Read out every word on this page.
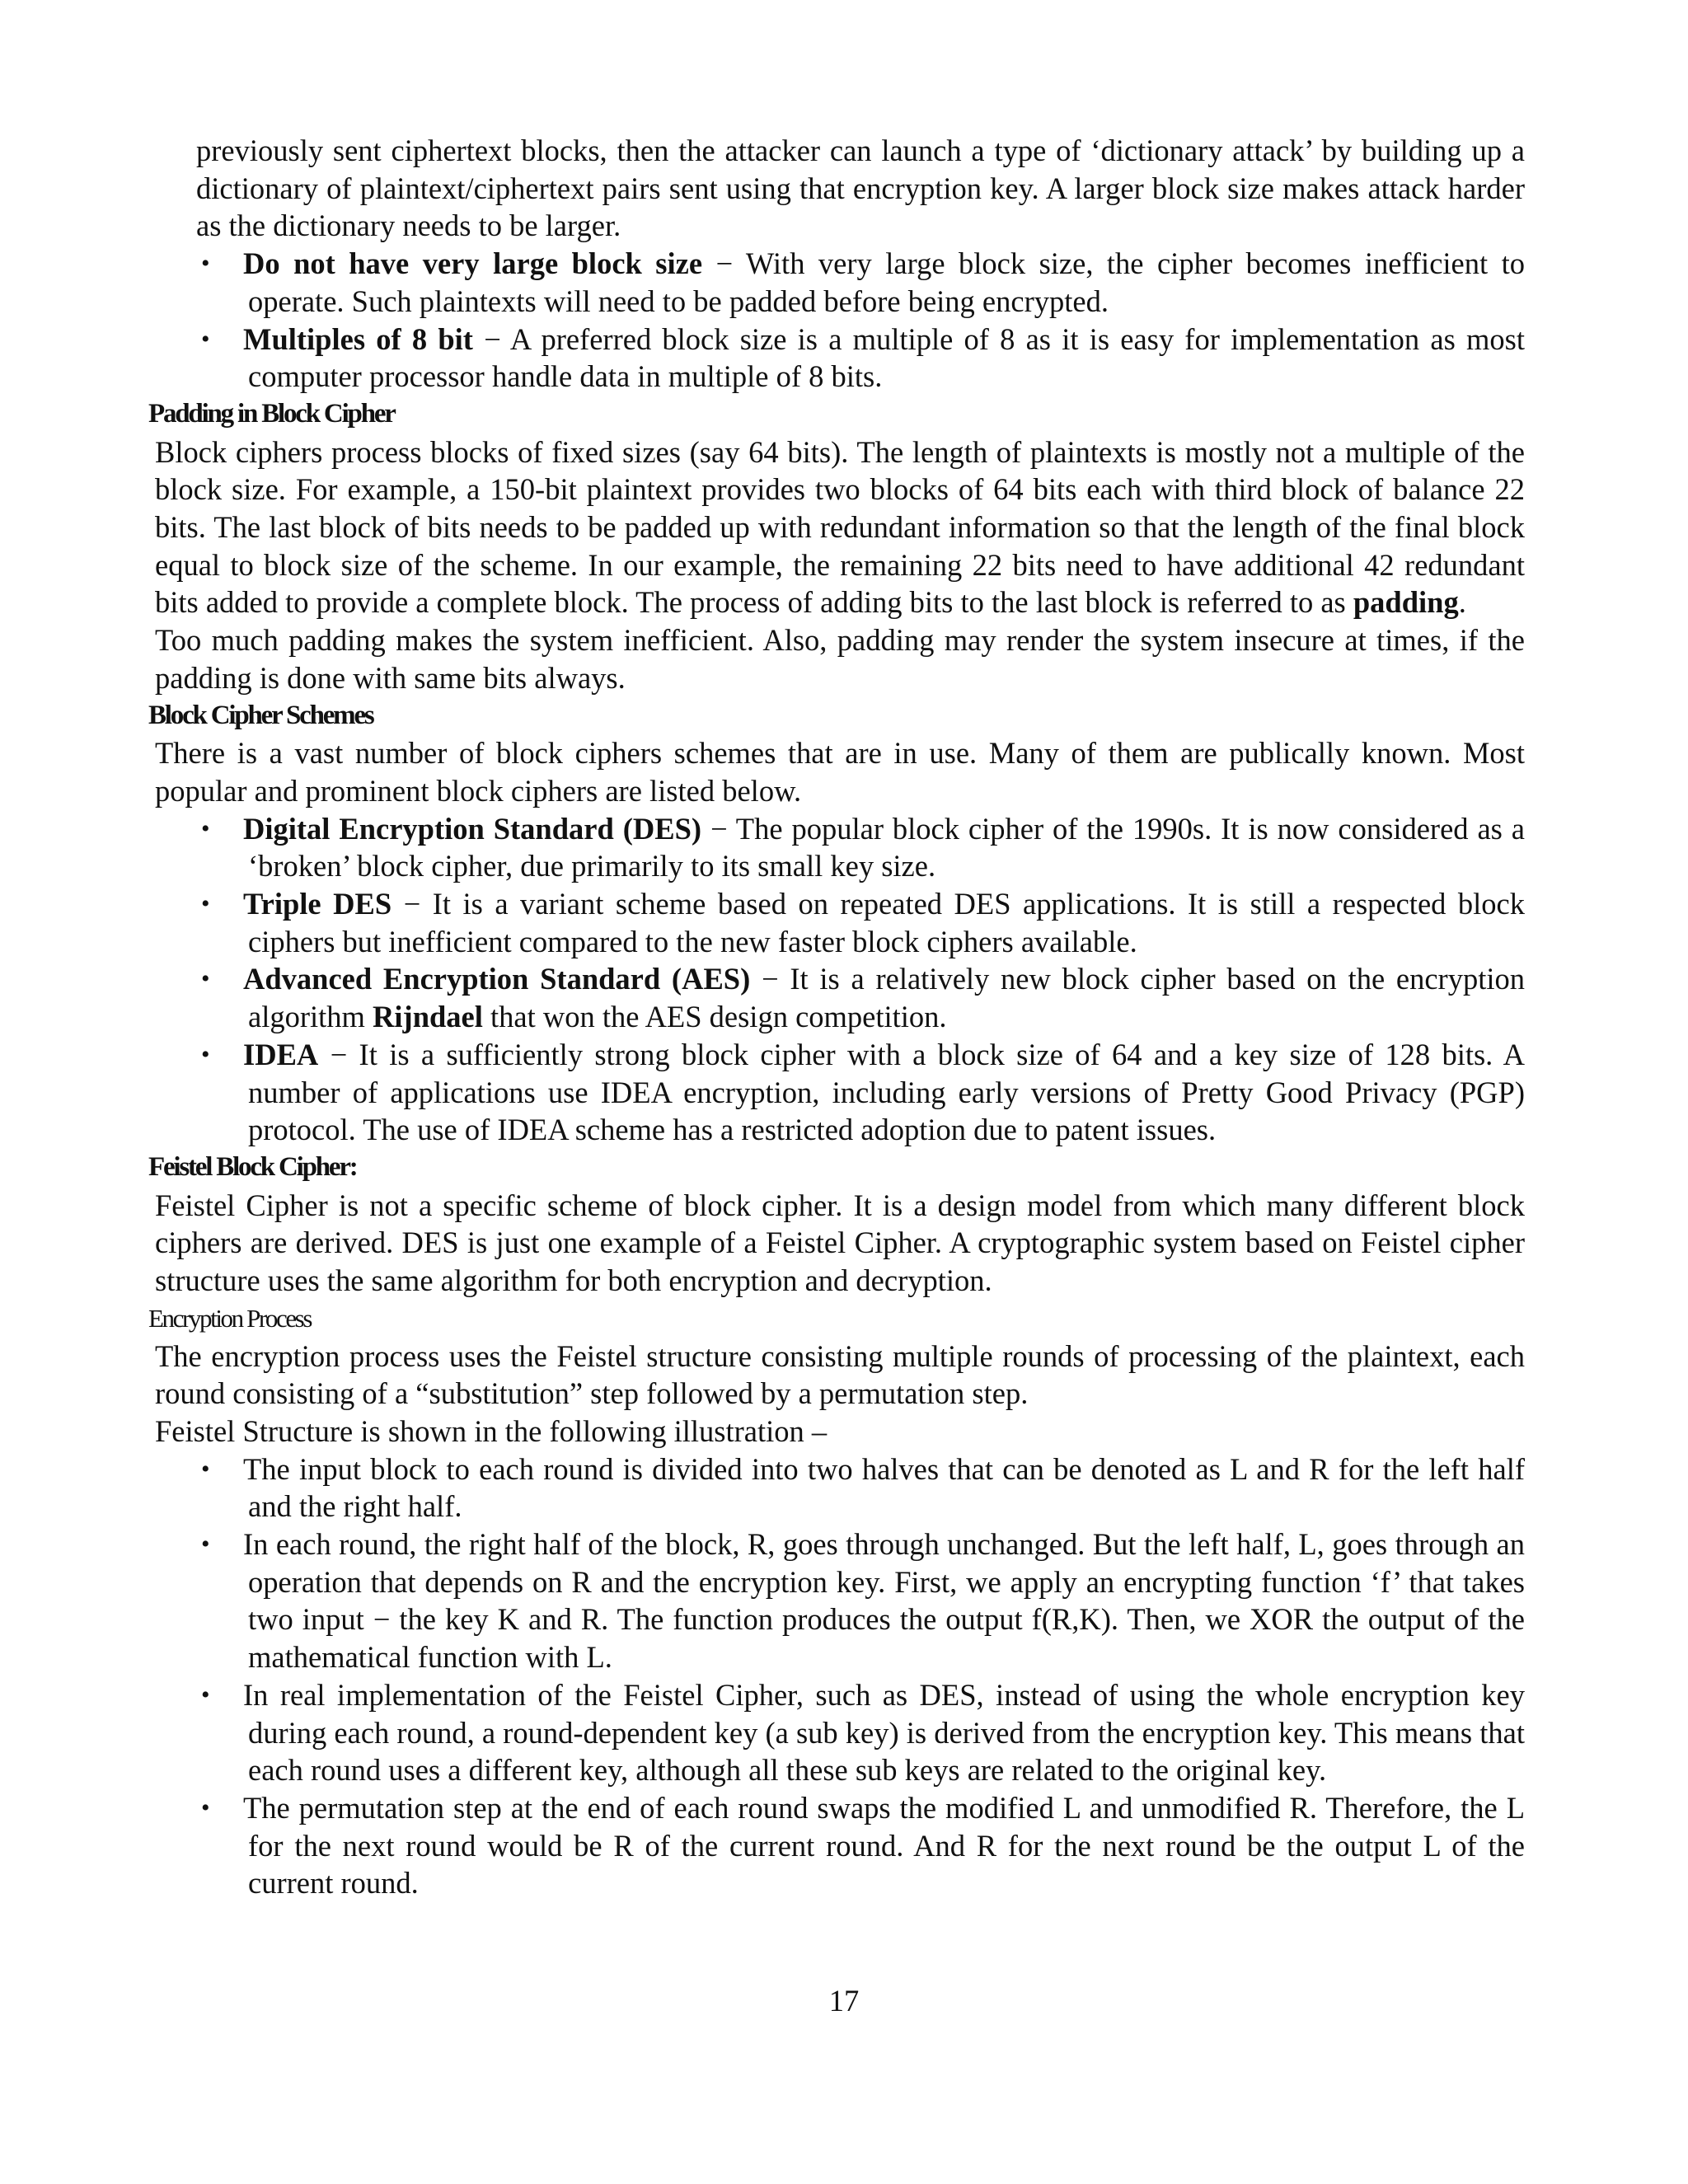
previously sent ciphertext blocks, then the attacker can launch a type of ‘dictionary attack’ by building up a dictionary of plaintext/ciphertext pairs sent using that encryption key. A larger block size makes attack harder as the dictionary needs to be larger.

• Do not have very large block size − With very large block size, the cipher becomes inefficient to operate. Such plaintexts will need to be padded before being encrypted.
• Multiples of 8 bit − A preferred block size is a multiple of 8 as it is easy for implementation as most computer processor handle data in multiple of 8 bits.

Padding in Block Cipher

Block ciphers process blocks of fixed sizes (say 64 bits). The length of plaintexts is mostly not a multiple of the block size. For example, a 150-bit plaintext provides two blocks of 64 bits each with third block of balance 22 bits. The last block of bits needs to be padded up with redundant information so that the length of the final block equal to block size of the scheme. In our example, the remaining 22 bits need to have additional 42 redundant bits added to provide a complete block. The process of adding bits to the last block is referred to as padding.

Too much padding makes the system inefficient. Also, padding may render the system insecure at times, if the padding is done with same bits always.

Block Cipher Schemes

There is a vast number of block ciphers schemes that are in use. Many of them are publically known. Most popular and prominent block ciphers are listed below.

• Digital Encryption Standard (DES) − The popular block cipher of the 1990s. It is now considered as a ‘broken’ block cipher, due primarily to its small key size.
• Triple DES − It is a variant scheme based on repeated DES applications. It is still a respected block ciphers but inefficient compared to the new faster block ciphers available.
• Advanced Encryption Standard (AES) − It is a relatively new block cipher based on the encryption algorithm Rijndael that won the AES design competition.
• IDEA − It is a sufficiently strong block cipher with a block size of 64 and a key size of 128 bits. A number of applications use IDEA encryption, including early versions of Pretty Good Privacy (PGP) protocol. The use of IDEA scheme has a restricted adoption due to patent issues.

Feistel Block Cipher:

Feistel Cipher is not a specific scheme of block cipher. It is a design model from which many different block ciphers are derived. DES is just one example of a Feistel Cipher. A cryptographic system based on Feistel cipher structure uses the same algorithm for both encryption and decryption.

Encryption Process

The encryption process uses the Feistel structure consisting multiple rounds of processing of the plaintext, each round consisting of a “substitution” step followed by a permutation step.

Feistel Structure is shown in the following illustration –

• The input block to each round is divided into two halves that can be denoted as L and R for the left half and the right half.
• In each round, the right half of the block, R, goes through unchanged. But the left half, L, goes through an operation that depends on R and the encryption key. First, we apply an encrypting function ‘f’ that takes two input − the key K and R. The function produces the output f(R,K). Then, we XOR the output of the mathematical function with L.
• In real implementation of the Feistel Cipher, such as DES, instead of using the whole encryption key during each round, a round-dependent key (a sub key) is derived from the encryption key. This means that each round uses a different key, although all these sub keys are related to the original key.
• The permutation step at the end of each round swaps the modified L and unmodified R. Therefore, the L for the next round would be R of the current round. And R for the next round be the output L of the current round.
17
